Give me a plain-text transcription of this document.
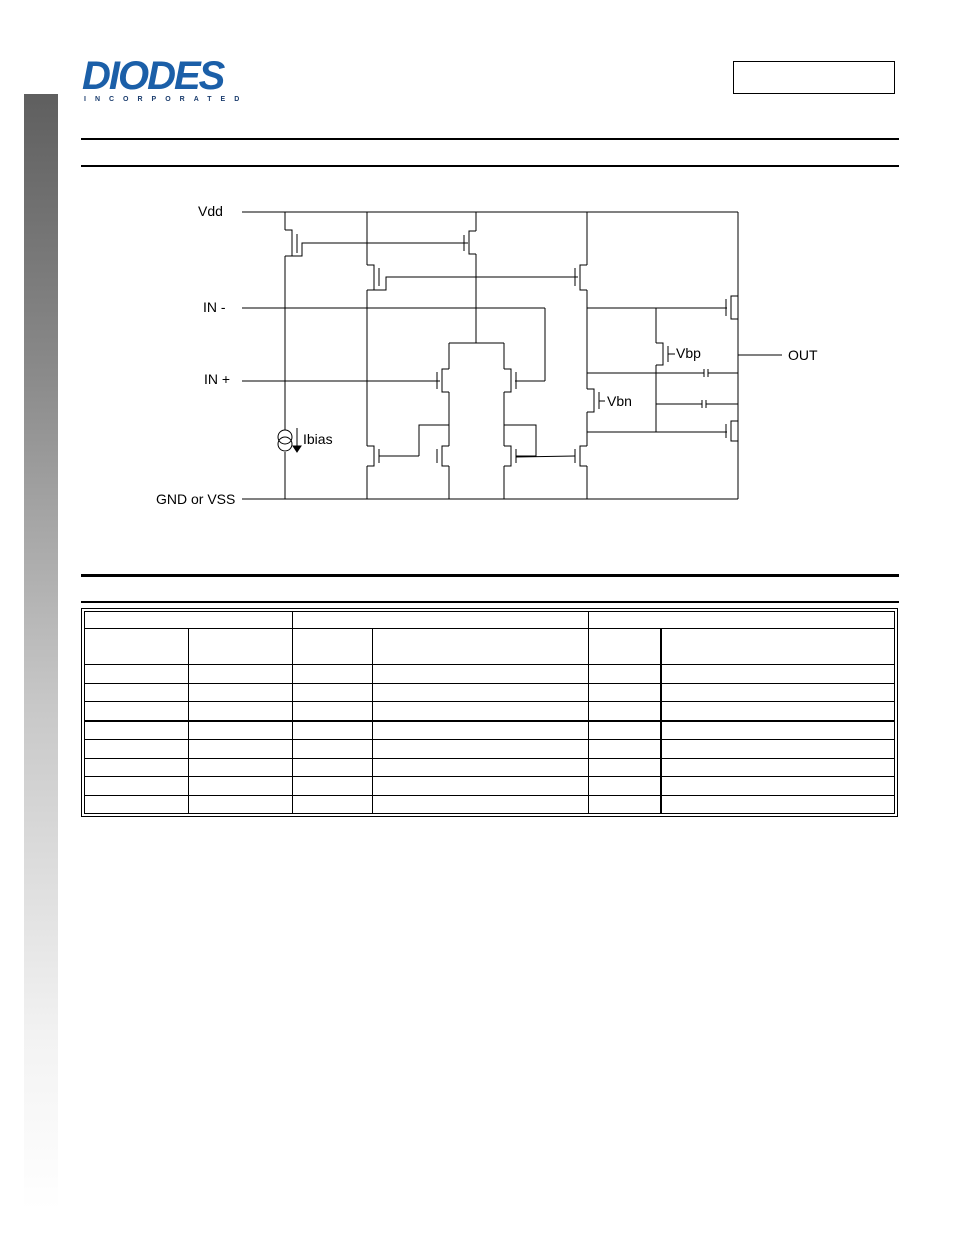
DIODES
INCORPORATED
Vdd
IN -
IN +
Ibias
GND or VSS
Vbp
Vbn
OUT
